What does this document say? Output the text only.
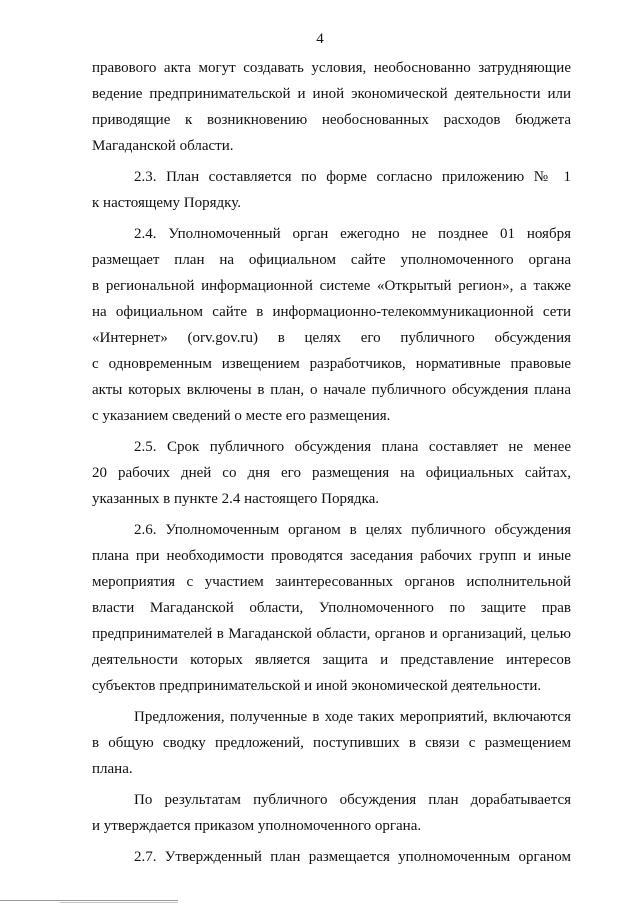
4
правового акта могут создавать условия, необоснованно затрудняющие
ведение предпринимательской и иной экономической деятельности или
приводящие к возникновению необоснованных расходов бюджета
Магаданской области.
2.3. План составляется по форме согласно приложению № 1
к настоящему Порядку.
2.4. Уполномоченный орган ежегодно не позднее 01 ноября
размещает план на официальном сайте уполномоченного органа
в региональной информационной системе «Открытый регион», а также
на официальном сайте в информационно-телекоммуникационной сети
«Интернет» (orv.gov.ru) в целях его публичного обсуждения
с одновременным извещением разработчиков, нормативные правовые
акты которых включены в план, о начале публичного обсуждения плана
с указанием сведений о месте его размещения.
2.5. Срок публичного обсуждения плана составляет не менее
20 рабочих дней со дня его размещения на официальных сайтах,
указанных в пункте 2.4 настоящего Порядка.
2.6. Уполномоченным органом в целях публичного обсуждения
плана при необходимости проводятся заседания рабочих групп и иные
мероприятия с участием заинтересованных органов исполнительной
власти Магаданской области, Уполномоченного по защите прав
предпринимателей в Магаданской области, органов и организаций, целью
деятельности которых является защита и представление интересов
субъектов предпринимательской и иной экономической деятельности.
Предложения, полученные в ходе таких мероприятий, включаются
в общую сводку предложений, поступивших в связи с размещением
плана.
По результатам публичного обсуждения план дорабатывается
и утверждается приказом уполномоченного органа.
2.7. Утвержденный план размещается уполномоченным органом
